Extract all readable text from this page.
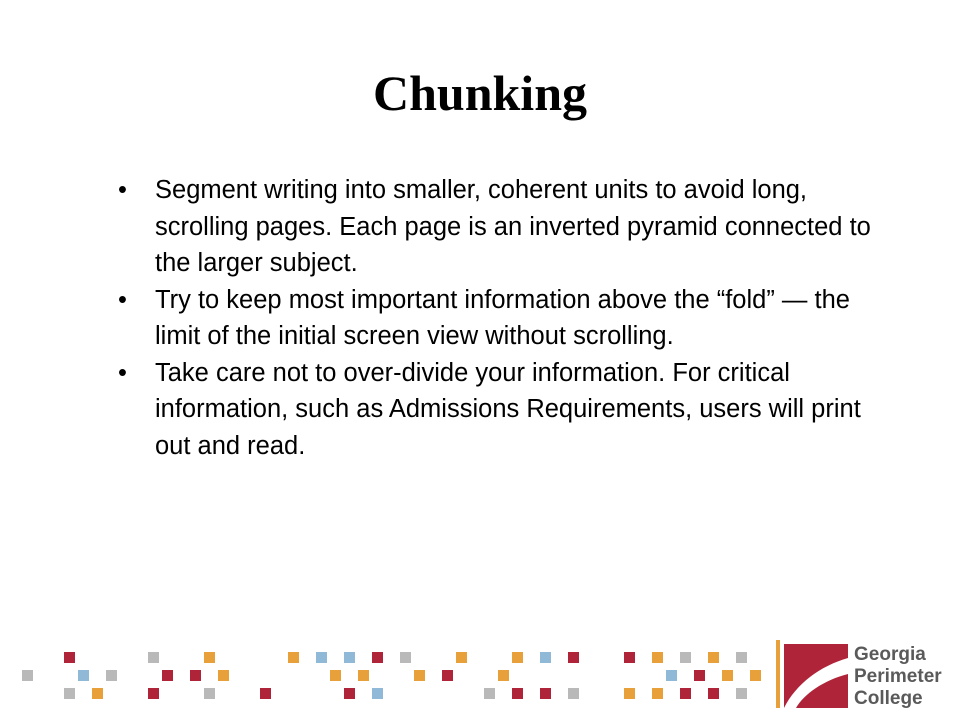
Chunking
•	Segment writing into smaller, coherent units to avoid long, scrolling pages. Each page is an inverted pyramid connected to the larger subject.
•	Try to keep most important information above the “fold” — the limit of the initial screen view without scrolling.
•	Take care not to over-divide your information. For critical information, such as Admissions Requirements, users will print out and read.
Georgia
Perimeter
College
